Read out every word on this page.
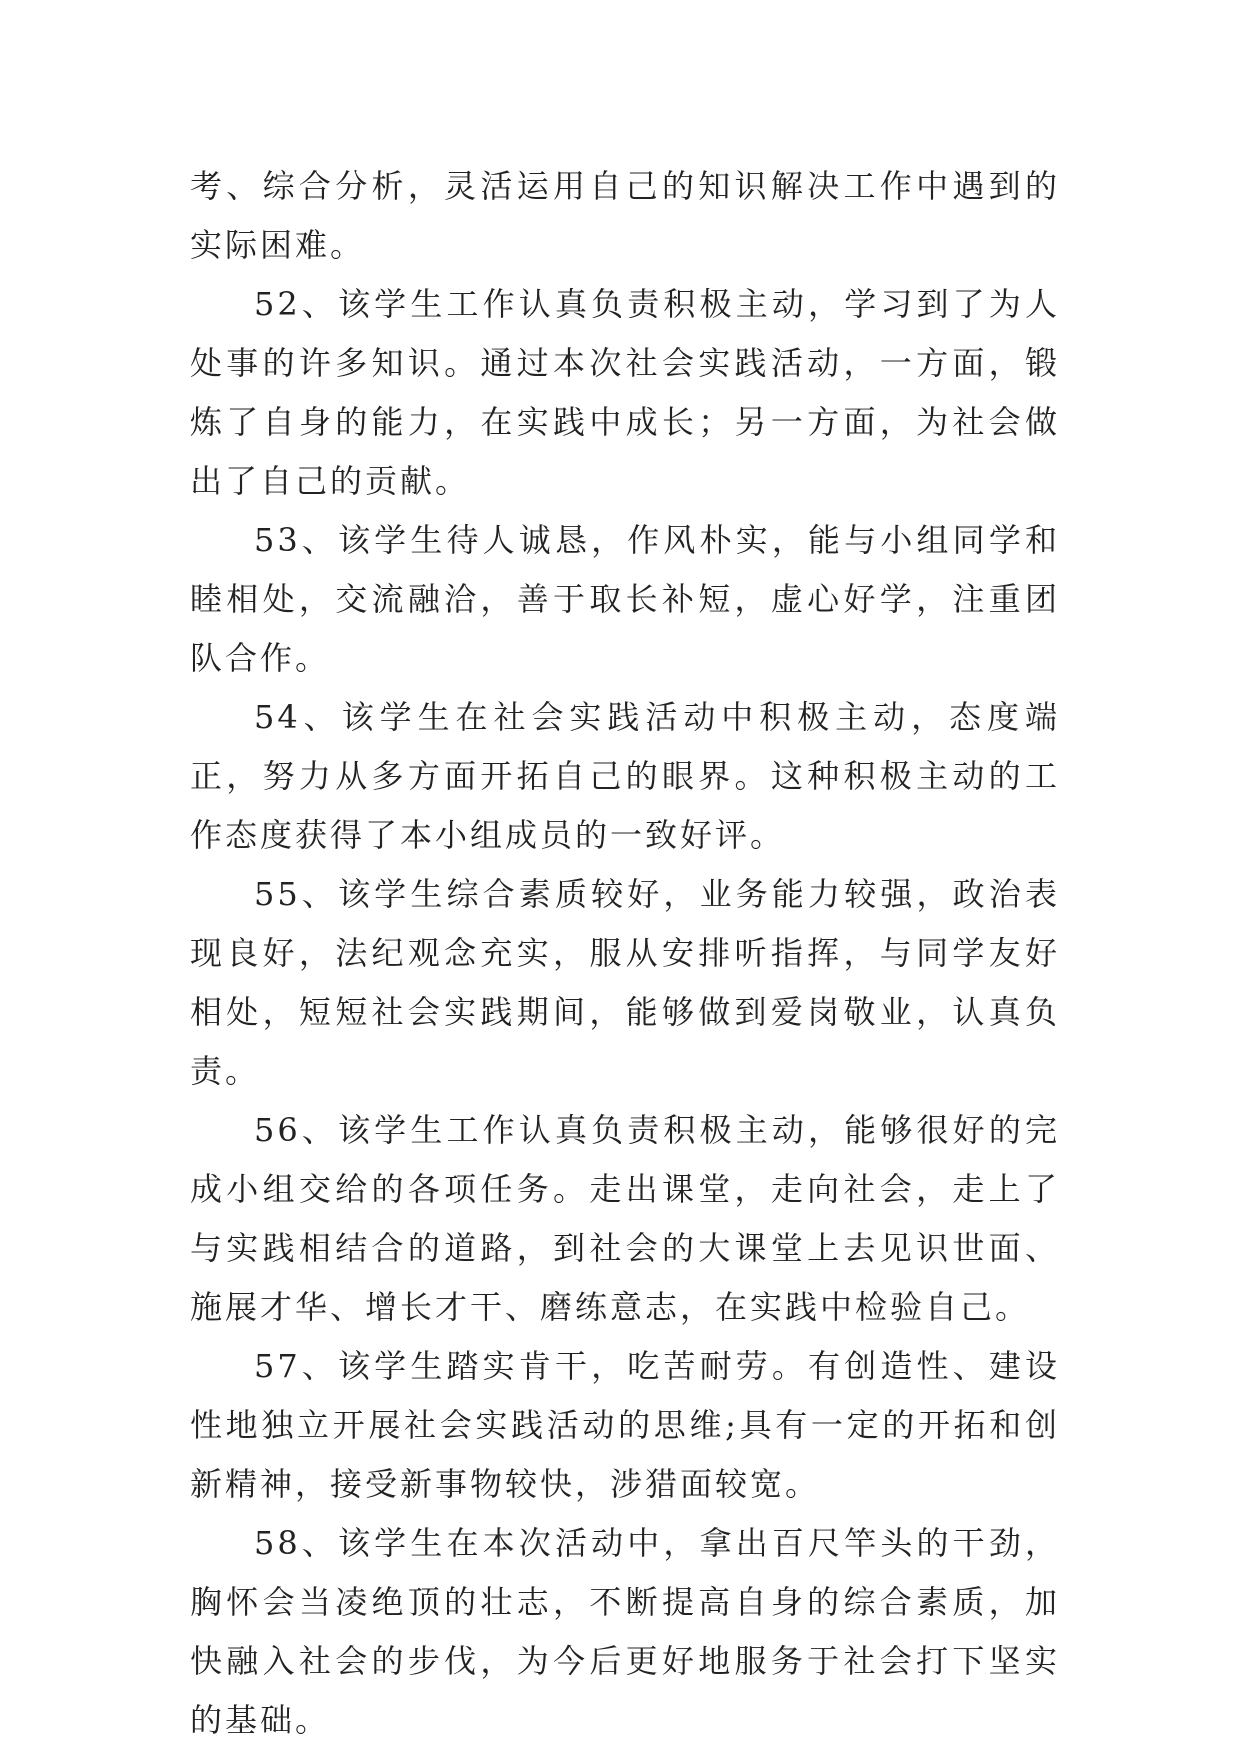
考、综合分析，灵活运用自己的知识解决工作中遇到的实际困难。

52、该学生工作认真负责积极主动，学习到了为人处事的许多知识。通过本次社会实践活动，一方面，锻炼了自身的能力，在实践中成长；另一方面，为社会做出了自己的贡献。

53、该学生待人诚恳，作风朴实，能与小组同学和睦相处，交流融洽，善于取长补短，虚心好学，注重团队合作。

54、该学生在社会实践活动中积极主动，态度端正，努力从多方面开拓自己的眼界。这种积极主动的工作态度获得了本小组成员的一致好评。

55、该学生综合素质较好，业务能力较强，政治表现良好，法纪观念充实，服从安排听指挥，与同学友好相处，短短社会实践期间，能够做到爱岗敬业，认真负责。

56、该学生工作认真负责积极主动，能够很好的完成小组交给的各项任务。走出课堂，走向社会，走上了与实践相结合的道路，到社会的大课堂上去见识世面、施展才华、增长才干、磨练意志，在实践中检验自己。

57、该学生踏实肯干，吃苦耐劳。有创造性、建设性地独立开展社会实践活动的思维;具有一定的开拓和创新精神，接受新事物较快，涉猎面较宽。

58、该学生在本次活动中，拿出百尺竿头的干劲，胸怀会当凌绝顶的壮志，不断提高自身的综合素质，加快融入社会的步伐，为今后更好地服务于社会打下坚实的基础。
